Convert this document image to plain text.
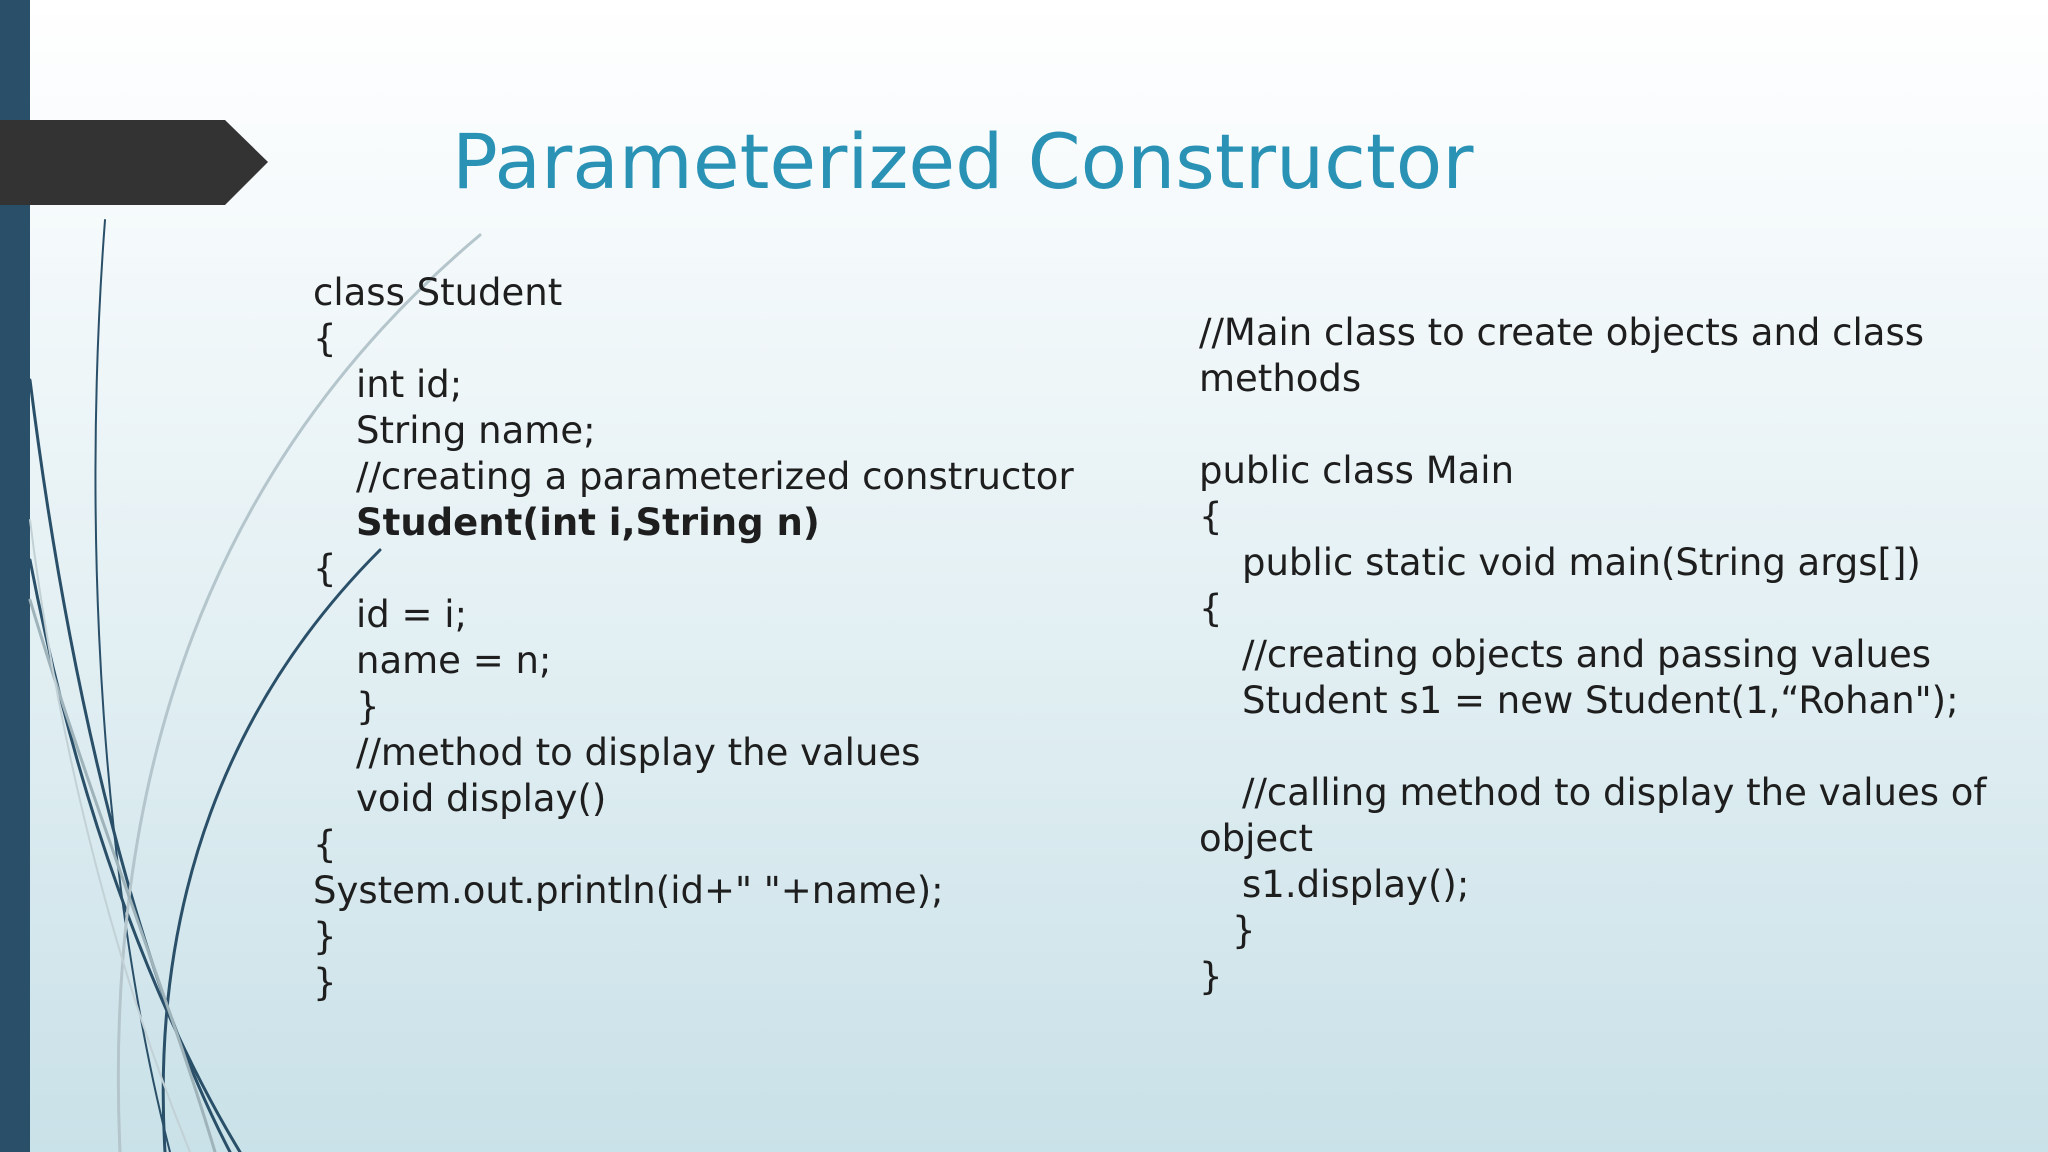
Parameterized Constructor

class Student

{

int id;

String name;

//creating a parameterized constructor

Student(int i,String n)

{

id = i;

name = n;

}

//method to display the values

void display()

{

System.out.println(id+" "+name);

}

}

//Main class to create objects and class

methods

public class Main

{

public static void main(String args[])

{

//creating objects and passing values

Student s1 = new Student(1,“Rohan");

//calling method to display the values of

object

s1.display();

}

}
